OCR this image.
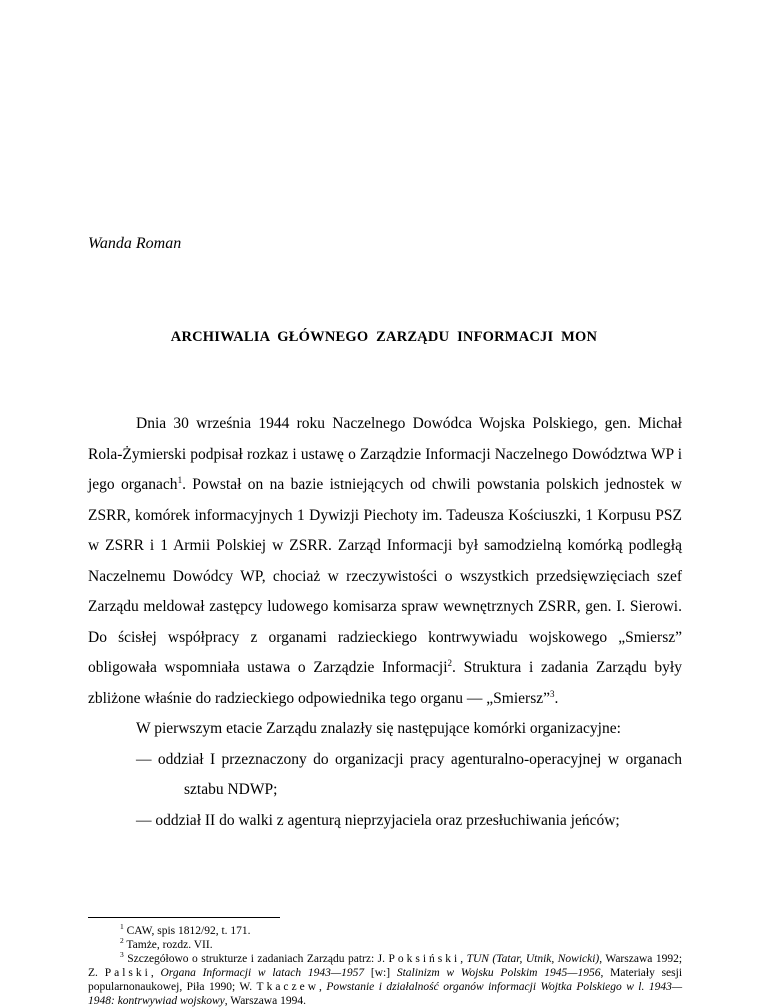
Wanda Roman
ARCHIWALIA GŁÓWNEGO ZARZĄDU INFORMACJI MON

Dnia 30 września 1944 roku Naczelnego Dowódca Wojska Polskiego, gen. Michał Rola-Żymierski podpisał rozkaz i ustawę o Zarządzie Informacji Naczelnego Dowództwa WP i jego organach$^1$. Powstał on na bazie istniejących od chwili powstania polskich jednostek w ZSRR, komórek informacyjnych 1 Dywizji Piechoty im. Tadeusza Kościuszki, 1 Korpusu PSZ w ZSRR i 1 Armii Polskiej w ZSRR. Zarząd Informacji był samodzielną komórką podległą Naczelnemu Dowódcy WP, chociaż w rzeczywistości o wszystkich przedsięwzięciach szef Zarządu meldował zastępcy ludowego komisarza spraw wewnętrznych ZSRR, gen. I. Sierowi. Do ścisłej współpracy z organami radzieckiego kontrwywiadu wojskowego „Smiersz” obligowała wspomniała ustawa o Zarządzie Informacji$^2$. Struktura i zadania Zarządu były zbliżone właśnie do radzieckiego odpowiednika tego organu — „Smiersz”$^3$.

W pierwszym etacie Zarządu znalazły się następujące komórki organizacyjne:

— oddział I przeznaczony do organizacji pracy agenturalno-operacyjnej w organach sztabu NDWP;
— oddział II do walki z agenturą nieprzyjaciela oraz przesłuchiwania jeńców;

$^1$ CAW, spis 1812/92, t. 171.

$^2$ Tamże, rozdz. VII.

$^3$ Szczegółowo o strukturze i zadaniach Zarządu patrz: J. Poksiński, TUN (Tatar, Utnik, Nowicki), Warszawa 1992; Z. Palski, Organa Informacji w latach 1943—1957 [w:] Stalinizm w Wojsku Polskim 1945—1956, Materiały sesji popularnonaukowej, Piła 1990; W. Tkaczew, Powstanie i działalność organów informacji Wojtka Polskiego w l. 1943—1948: kontrwywiad wojskowy, Warszawa 1994.
